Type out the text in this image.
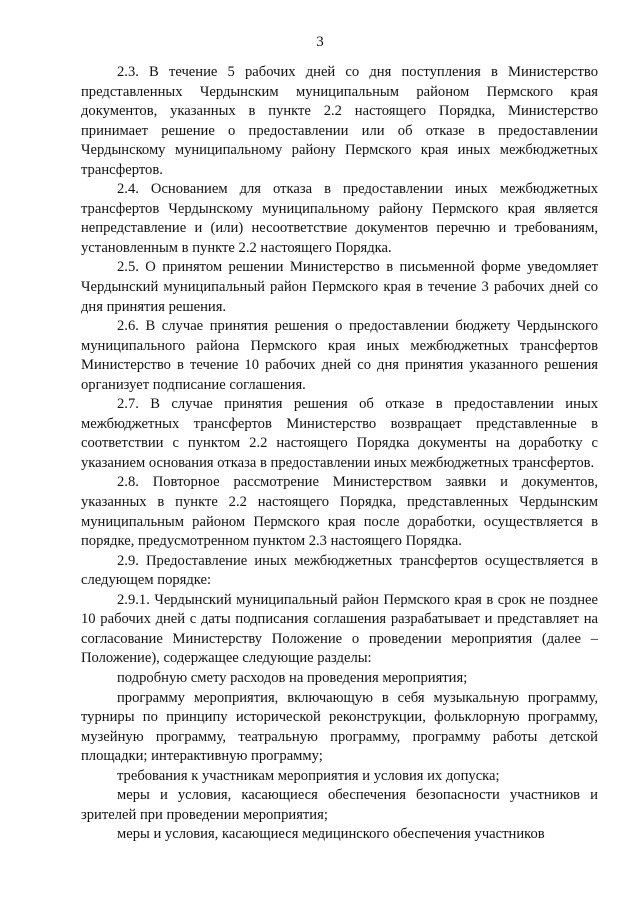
3

2.3. В течение 5 рабочих дней со дня поступления в Министерство представленных Чердынским муниципальным районом Пермского края документов, указанных в пункте 2.2 настоящего Порядка, Министерство принимает решение о предоставлении или об отказе в предоставлении Чердынскому муниципальному району Пермского края иных межбюджетных трансфертов.

2.4. Основанием для отказа в предоставлении иных межбюджетных трансфертов Чердынскому муниципальному району Пермского края является непредставление и (или) несоответствие документов перечню и требованиям, установленным в пункте 2.2 настоящего Порядка.

2.5. О принятом решении Министерство в письменной форме уведомляет Чердынский муниципальный район Пермского края в течение 3 рабочих дней со дня принятия решения.

2.6. В случае принятия решения о предоставлении бюджету Чердынского муниципального района Пермского края иных межбюджетных трансфертов Министерство в течение 10 рабочих дней со дня принятия указанного решения организует подписание соглашения.

2.7. В случае принятия решения об отказе в предоставлении иных межбюджетных трансфертов Министерство возвращает представленные в соответствии с пунктом 2.2 настоящего Порядка документы на доработку с указанием основания отказа в предоставлении иных межбюджетных трансфертов.

2.8. Повторное рассмотрение Министерством заявки и документов, указанных в пункте 2.2 настоящего Порядка, представленных Чердынским муниципальным районом Пермского края после доработки, осуществляется в порядке, предусмотренном пунктом 2.3 настоящего Порядка.

2.9. Предоставление иных межбюджетных трансфертов осуществляется в следующем порядке:

2.9.1. Чердынский муниципальный район Пермского края в срок не позднее 10 рабочих дней с даты подписания соглашения разрабатывает и представляет на согласование Министерству Положение о проведении мероприятия (далее – Положение), содержащее следующие разделы:

подробную смету расходов на проведения мероприятия;

программу мероприятия, включающую в себя музыкальную программу, турниры по принципу исторической реконструкции, фольклорную программу, музейную программу, театральную программу, программу работы детской площадки; интерактивную программу;

требования к участникам мероприятия и условия их допуска;

меры и условия, касающиеся обеспечения безопасности участников и зрителей при проведении мероприятия;

меры и условия, касающиеся медицинского обеспечения участников
